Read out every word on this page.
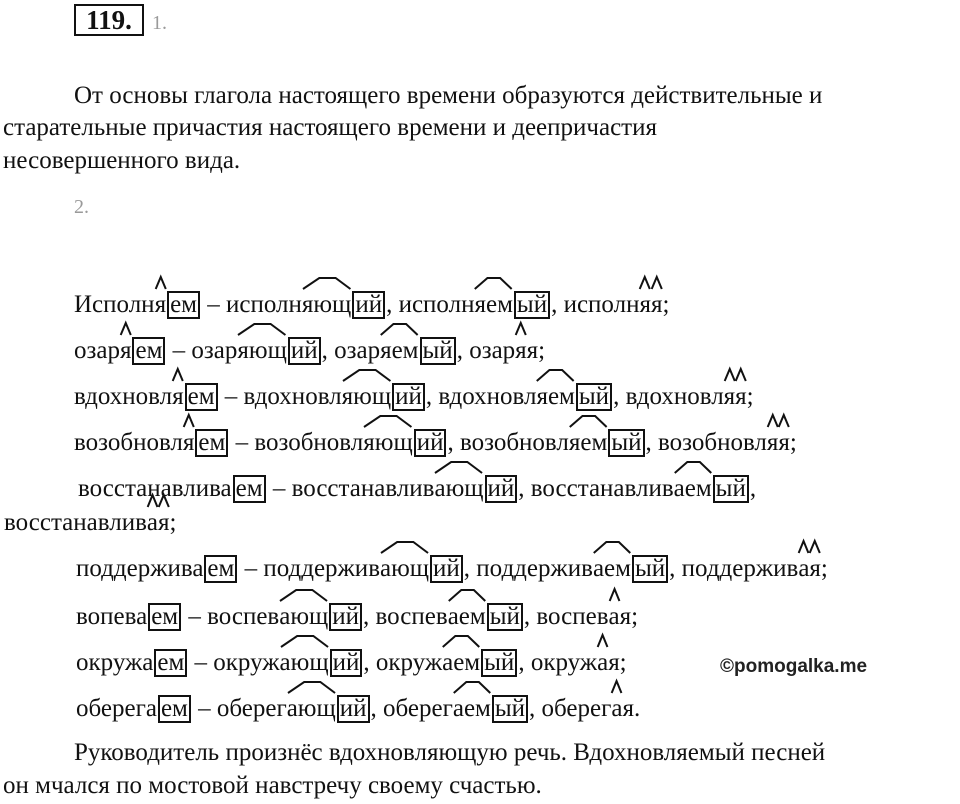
119.	1.
От основы глагола настоящего времени образуются действительные и
старательные причастия настоящего времени и деепричастия
несовершенного вида.
2.
Исполня ем – исполняющ ий , исполняем ый , исполня
я
;
озаря ем – озаряющ ий , озаряем ый , озаря
я;
вдохновля ем – вдохновляющ ий , вдохновляем ый , вдохновля
я
;
возобновля ем – возобновляющ ий , возобновляем ый , возобновля
я
;
восстанавлива ем – восстанавливающ ий , восстанавливаем ый ,
восстанавлива
я
;
поддержива ем – поддерживающ ий , поддерживаем ый , поддержива
я
;
вопева ем – воспевающ ий , воспеваем ый , воспева
я;
окружа ем – окружающ ий , окружаем ый , окружа
я;
оберега ем – оберегающ ий , оберегаем ый , оберега
я.
©pomogalka.me
Руководитель произнёс вдохновляющую речь. Вдохновляемый песней
он мчался по мостовой навстречу своему счастью.
